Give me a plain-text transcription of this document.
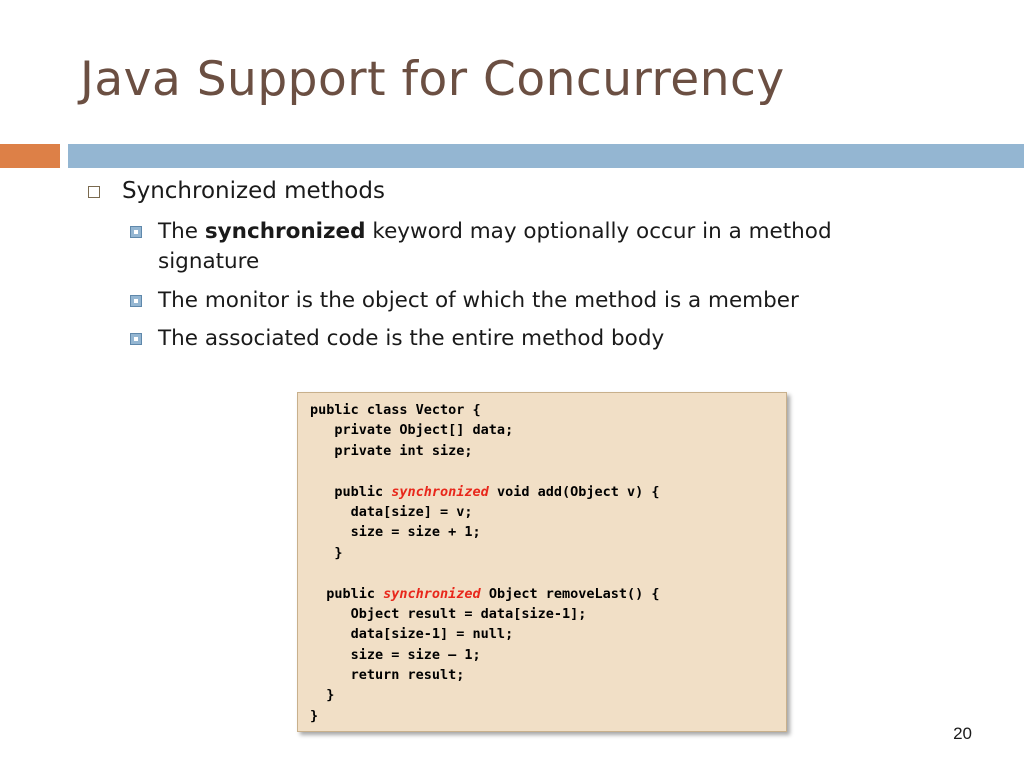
Java Support for Concurrency
Synchronized methods
The synchronized keyword may optionally occur in a method signature
The monitor is the object of which the method is a member
The associated code is the entire method body
public class Vector {
private Object[] data;
private int size;
public synchronized void add(Object v) {
data[size] = v;
size = size + 1;
}
public synchronized Object removeLast() {
Object result = data[size-1];
data[size-1] = null;
size = size – 1;
return result;
}
}
20
